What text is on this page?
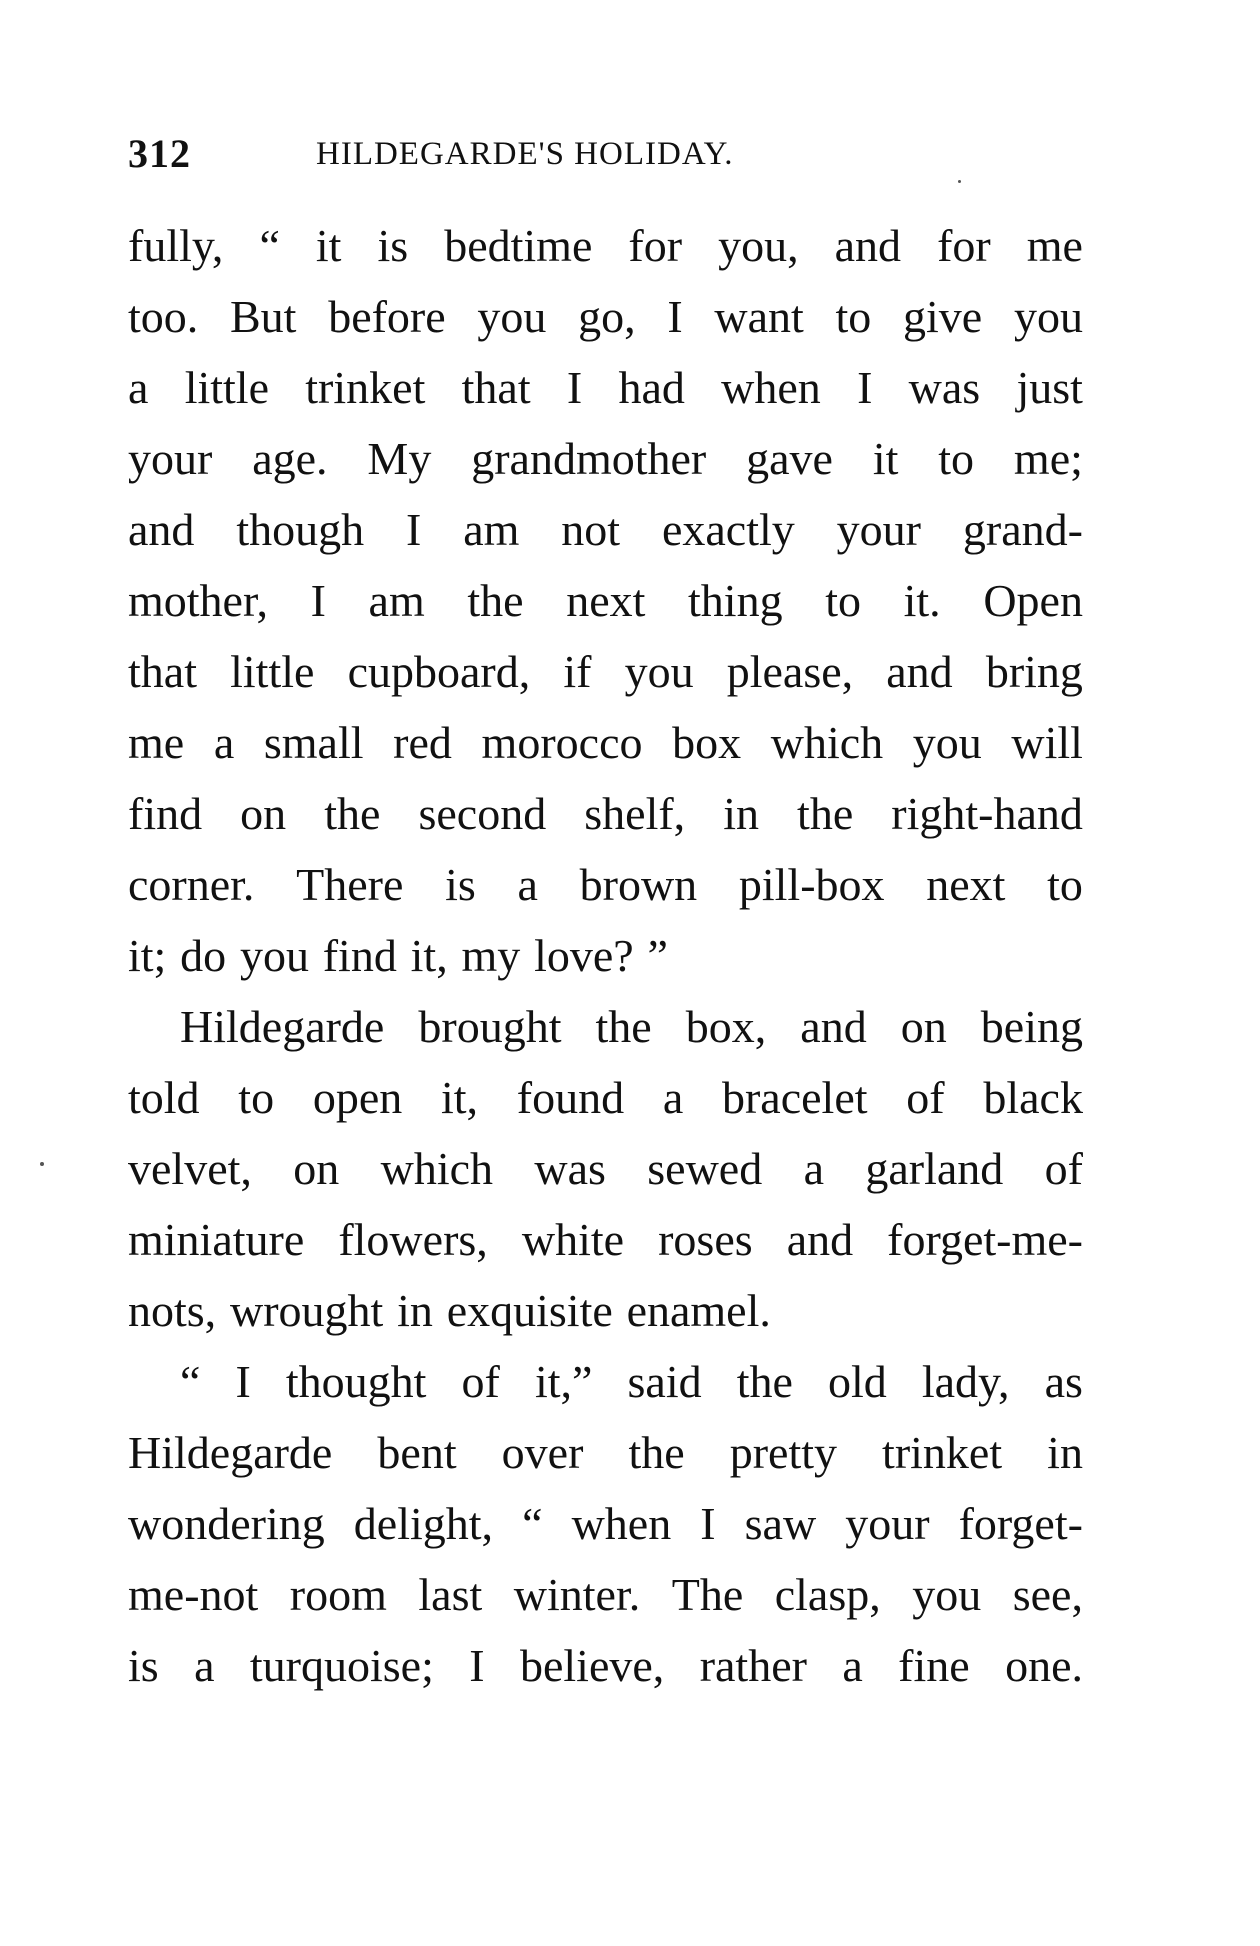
312	HILDEGARDE'S HOLIDAY.
fully, “ it is bedtime for you, and for me
too. But before you go, I want to give you
a little trinket that I had when I was just
your age. My grandmother gave it to me;
and though I am not exactly your grand-
mother, I am the next thing to it. Open
that little cupboard, if you please, and bring
me a small red morocco box which you will
find on the second shelf, in the right-hand
corner. There is a brown pill-box next to
it; do you find it, my love? ”
Hildegarde brought the box, and on being
told to open it, found a bracelet of black
velvet, on which was sewed a garland of
miniature flowers, white roses and forget-me-
nots, wrought in exquisite enamel.
“ I thought of it,” said the old lady, as
Hildegarde bent over the pretty trinket in
wondering delight, “ when I saw your forget-
me-not room last winter. The clasp, you see,
is a turquoise; I believe, rather a fine one.
